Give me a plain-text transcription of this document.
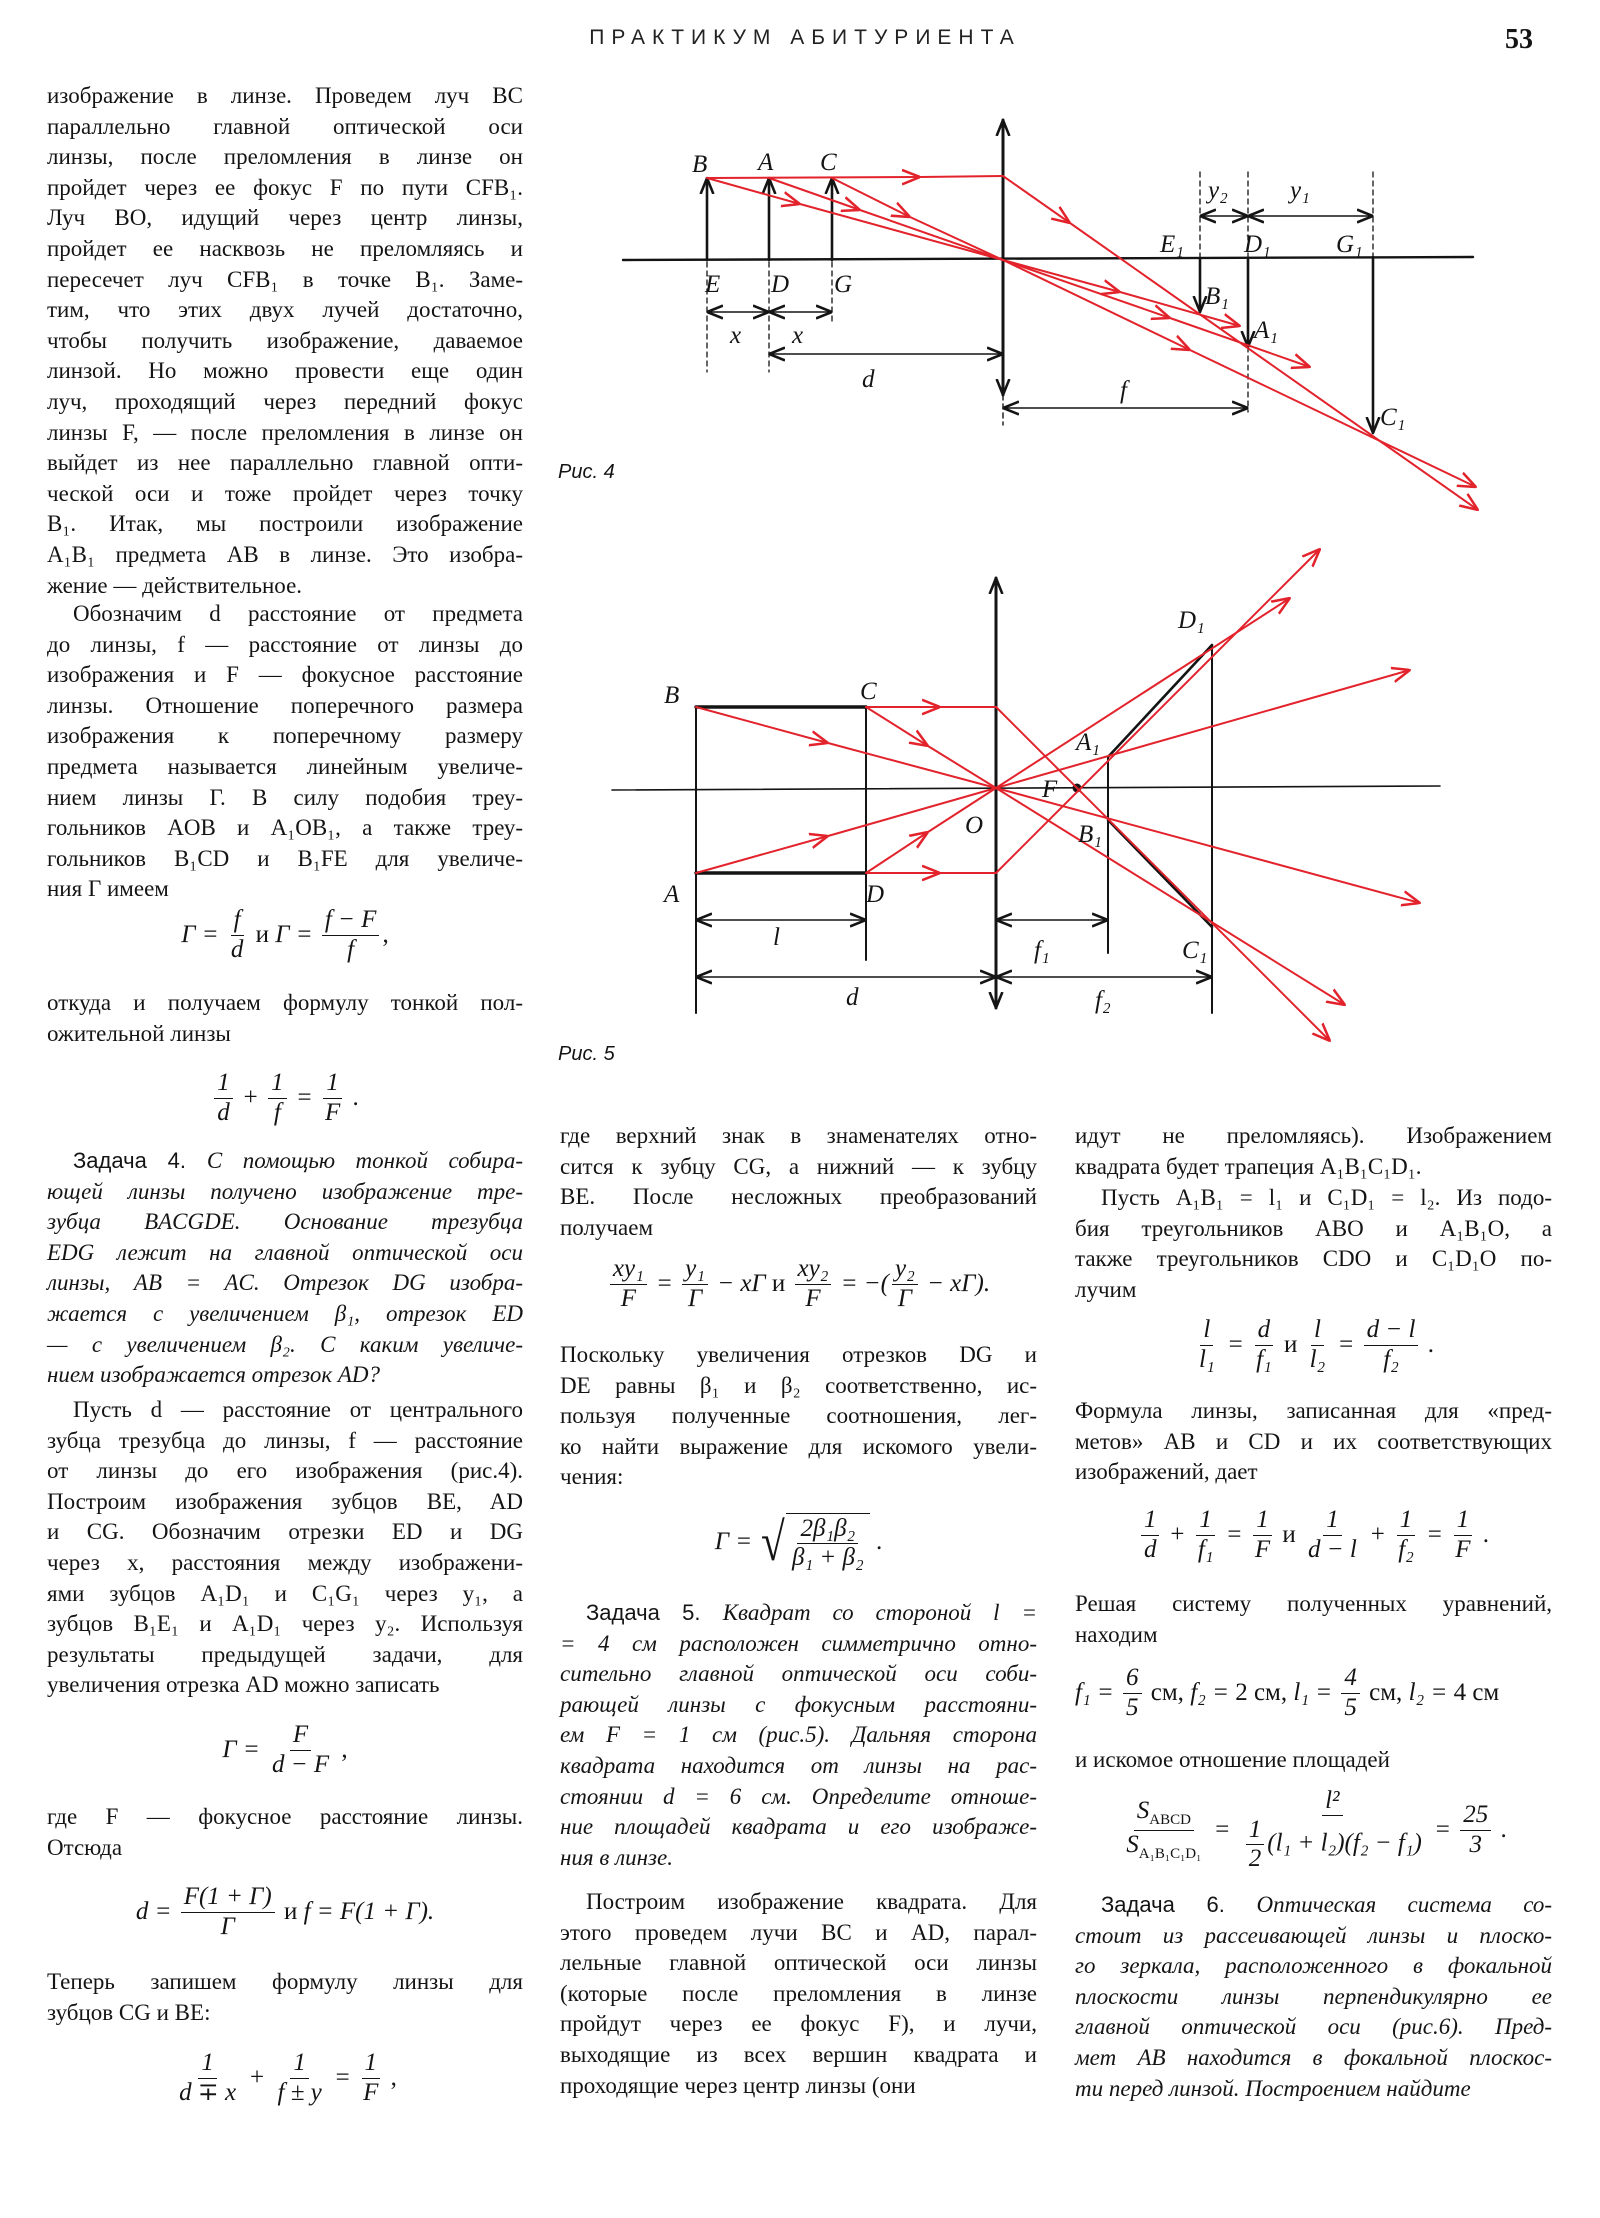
ПРАКТИКУМ АБИТУРИЕНТА	53
B A C
E D G
x x
d	f
y₂ y₁
E₁ D₁	G₁
B₁
A₁
C₁
Рис. 4
B	C
A	D
A₁
B₁
D₁
C₁
F
O
l
d
f₁
f₂
Рис. 5
изображение в линзе. Проведем луч BC
параллельно главной оптической оси
линзы, после преломления в линзе он
пройдет через ее фокус F по пути CFB₁.
Луч BO, идущий через центр линзы,
пройдет ее насквозь не преломляясь и
пересечет луч CFB₁ в точке B₁. Заме-
тим, что этих двух лучей достаточно,
чтобы получить изображение, даваемое
линзой. Но можно провести еще один
луч, проходящий через передний фокус
линзы F, — после преломления в линзе он
выйдет из нее параллельно главной опти-
ческой оси и тоже пройдет через точку
B₁. Итак, мы построили изображение
A₁B₁ предмета AB в линзе. Это изобра-
жение — действительное.
Обозначим d расстояние от предмета
до линзы, f — расстояние от линзы до
изображения и F — фокусное расстояние
линзы. Отношение поперечного размера
изображения к поперечному размеру
предмета называется линейным увеличе-
нием линзы Γ. В силу подобия треу-
гольников AOB и A₁OB₁, а также треу-
гольников B₁CD и B₁FE для увеличе-
ния Γ имеем
$\Gamma = \frac{f}{d}$ и $\Gamma = \frac{f - F}{f}$ ,
откуда и получаем формулу тонкой пол-
ожительной линзы
$\frac{1}{d} + \frac{1}{f} = \frac{1}{F}$ .
Задача 4. С помощью тонкой собира-
ющей линзы получено изображение тре-
зубца BACGDE. Основание трезубца
EDG лежит на главной оптической оси
линзы, AB = AC. Отрезок DG изобра-
жается с увеличением β₁, отрезок ED
— с увеличением β₂. С каким увеличе-
нием изображается отрезок AD?
Пусть d — расстояние от центрального
зубца трезубца до линзы, f — расстояние
от линзы до его изображения (рис.4).
Построим изображения зубцов BE, AD
и CG. Обозначим отрезки ED и DG
через x, расстояния между изображени-
ями зубцов A₁D₁ и C₁G₁ через y₁, а
зубцов B₁E₁ и A₁D₁ через y₂. Используя
результаты предыдущей задачи, для
увеличения отрезка AD можно записать
$\Gamma = \frac{F}{d - F}$ ,
где F — фокусное расстояние линзы.
Отсюда
$d = \frac{F(1 + \Gamma)}{\Gamma}$ и f = F(1 + Γ).
Теперь запишем формулу линзы для
зубцов CG и BE:
$\frac{1}{d \mp x} + \frac{1}{f \pm y} = \frac{1}{F}$ ,
где верхний знак в знаменателях отно-
сится к зубцу CG, а нижний — к зубцу
BE. После несложных преобразований
получаем
$\frac{\text{xy₁}}{F} = \frac{\text{y₁}}{\Gamma} - x\Gamma$ и $\frac{\text{xy₂}}{F}$ = −( $\frac{\text{y₂}}{\Gamma} - x\Gamma$).
Поскольку увеличения отрезков DG и
DE равны β₁ и β₂ соответственно, ис-
пользуя полученные соотношения, лег-
ко найти выражение для искомого увели-
чения:
Γ = √ $\frac{\text{2β₁β₂}}{\text{β₁ + β₂}}$ .
Задача 5. Квадрат со стороной l =
= 4 см расположен симметрично отно-
сительно главной оптической оси соби-
рающей линзы с фокусным расстояни-
ем F = 1 см (рис.5). Дальняя сторона
квадрата находится от линзы на рас-
стоянии d = 6 см. Определите отноше-
ние площадей квадрата и его изображе-
ния в линзе.
Построим изображение квадрата. Для
этого проведем лучи BC и AD, парал-
лельные главной оптической оси линзы
(которые после преломления в линзе
пройдут через ее фокус F), и лучи,
выходящие из всех вершин квадрата и
проходящие через центр линзы (они
идут не преломляясь). Изображением
квадрата будет трапеция A₁B₁C₁D₁.
Пусть A₁B₁ = l₁ и C₁D₁ = l₂. Из подо-
бия треугольников ABO и A₁B₁O, а
также треугольников CDO и C₁D₁O по-
лучим
$\frac{l}{\text{l₁}} = \frac{d}{\text{f₁}}$ и $\frac{l}{\text{l₂}} = \frac{d - l}{\text{f₂}}$ .
Формула линзы, записанная для «пред-
метов» AB и CD и их соответствующих
изображений, дает
$\frac{1}{d} + \frac{1}{\text{f₁}} = \frac{1}{F}$ и $\frac{1}{d - l} + \frac{1}{\text{f₂}} = \frac{1}{F}$ .
Решая систему полученных уравнений,
находим
$f_1 = \frac{6}{5}$ см, f₂ = 2 см, $l_1 = \frac{4}{5}$ см, l₂ = 4 см
и искомое отношение площадей
$\frac{S_{ABCD}}{S_{A_1B_1C_1D_1}} = \frac{\text{l²}}{\frac{1}{2} (l_1 + l_2)(f_2 - f_1)} = \frac{25}{3}$ .
Задача 6. Оптическая система со-
стоит из рассеивающей линзы и плоско-
го зеркала, расположенного в фокальной
плоскости линзы перпендикулярно ее
главной оптической оси (рис.6). Пред-
мет AB находится в фокальной плоскос-
ти перед линзой. Построением найдите
